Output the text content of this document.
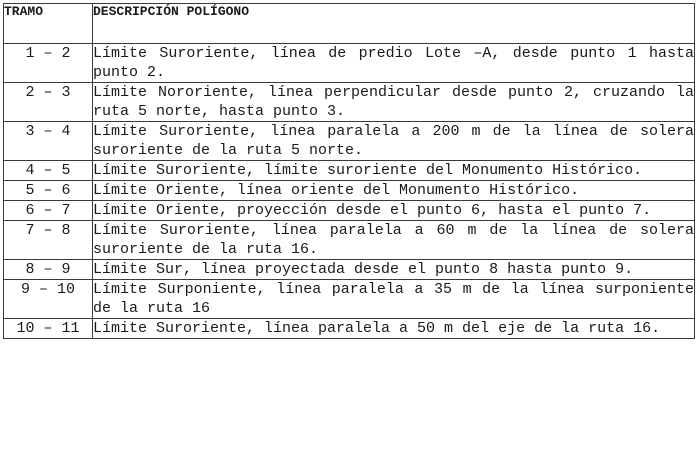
TRAMO	DESCRIPCIÓN POLÍGONO
1 – 2	Límite Suroriente, línea de predio Lote –A, desde punto 1 hasta punto 2.
2 – 3	Límite Nororiente, línea perpendicular desde punto 2, cruzando la ruta 5 norte, hasta punto 3.
3 – 4	Límite Suroriente, línea paralela a 200 m de la línea de solera suroriente de la ruta 5 norte.
4 – 5	Límite Suroriente, límite suroriente del Monumento Histórico.
5 – 6	Límite Oriente, línea oriente del Monumento Histórico.
6 – 7	Límite Oriente, proyección desde el punto 6, hasta el punto 7.
7 – 8	Límite Suroriente, línea paralela a 60 m de la línea de solera suroriente de la ruta 16.
8 – 9	Límite Sur, línea proyectada desde el punto 8 hasta punto 9.
9 – 10	Límite Surponiente, línea paralela a 35 m de la línea surponiente de la ruta 16
10 – 11	Límite Suroriente, línea paralela a 50 m del eje de la ruta 16.
